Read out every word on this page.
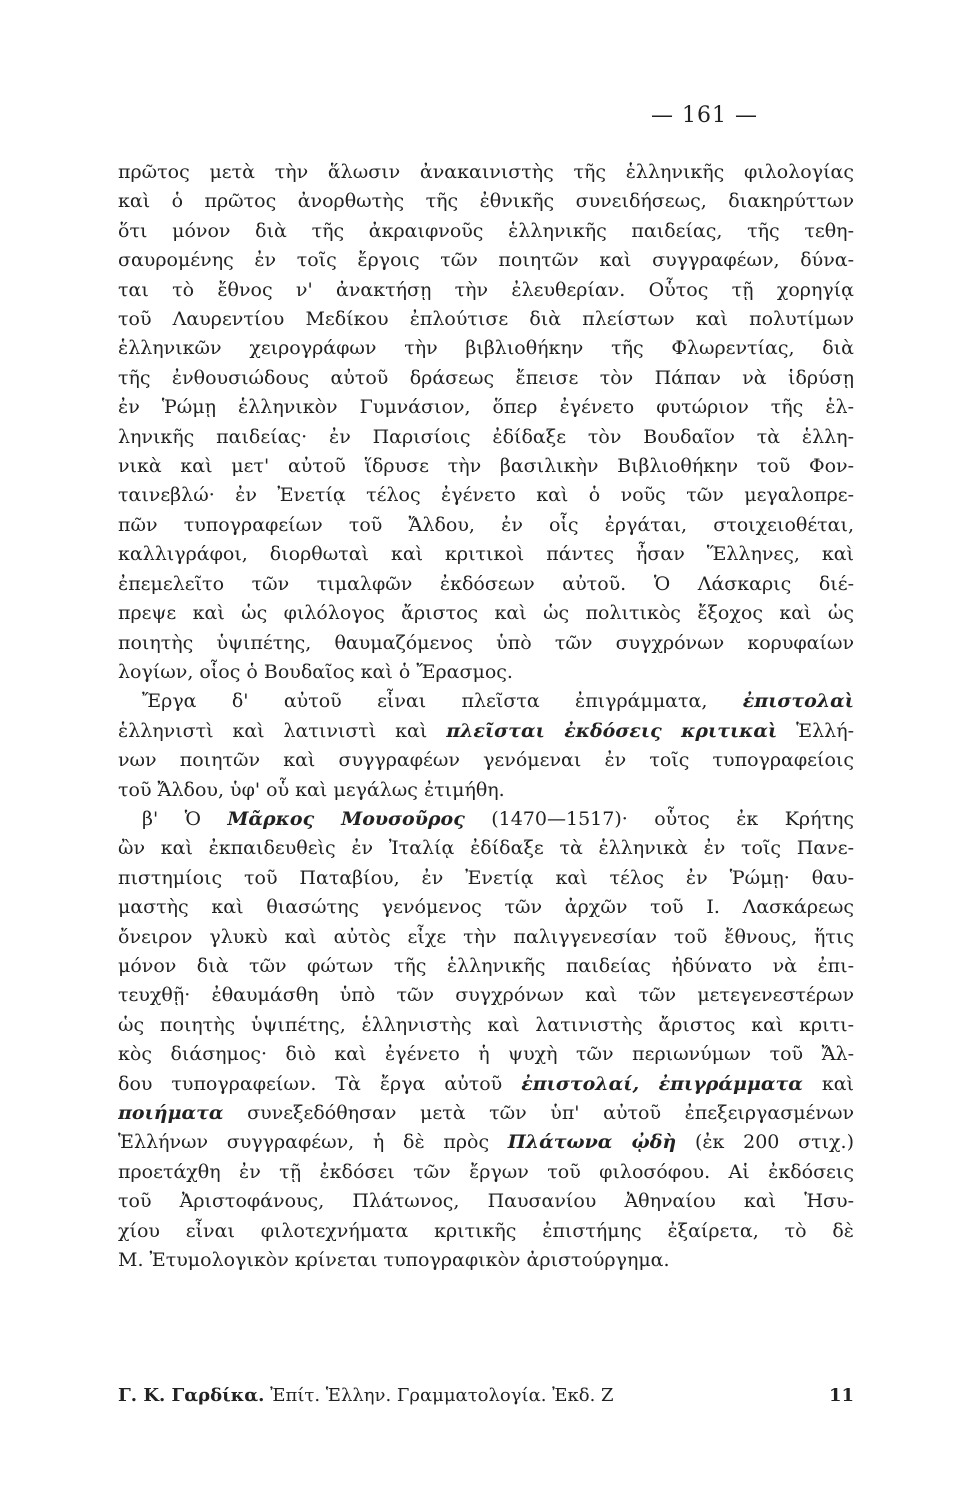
— 161 —
πρῶτος μετὰ τὴν ἅλωσιν ἀνακαινιστὴς τῆς ἑλληνικῆς φιλολογίας
καὶ ὁ πρῶτος ἀνορθωτὴς τῆς ἐθνικῆς συνειδήσεως, διακηρύττων
ὅτι μόνον διὰ τῆς ἀκραιφνοῦς ἑλληνικῆς παιδείας, τῆς τεθη-
σαυρομένης ἐν τοῖς ἔργοις τῶν ποιητῶν καὶ συγγραφέων, δύνα-
ται τὸ ἔθνος ν' ἀνακτήσῃ τὴν ἐλευθερίαν. Οὗτος τῇ χορηγίᾳ
τοῦ Λαυρεντίου Μεδίκου ἐπλούτισε διὰ πλείστων καὶ πολυτίμων
ἑλληνικῶν χειρογράφων τὴν βιβλιοθήκην τῆς Φλωρεντίας, διὰ
τῆς ἐνθουσιώδους αὐτοῦ δράσεως ἔπεισε τὸν Πάπαν νὰ ἱδρύσῃ
ἐν Ῥώμῃ ἑλληνικὸν Γυμνάσιον, ὅπερ ἐγένετο φυτώριον τῆς ἑλ-
ληνικῆς παιδείας· ἐν Παρισίοις ἐδίδαξε τὸν Βουδαῖον τὰ ἑλλη-
νικὰ καὶ μετ' αὐτοῦ ἵδρυσε τὴν βασιλικὴν Βιβλιοθήκην τοῦ Φον-
ταινεβλώ· ἐν Ἐνετίᾳ τέλος ἐγένετο καὶ ὁ νοῦς τῶν μεγαλοπρε-
πῶν τυπογραφείων τοῦ Ἄλδου, ἐν οἷς ἐργάται, στοιχειοθέται,
καλλιγράφοι, διορθωταὶ καὶ κριτικοὶ πάντες ἦσαν Ἕλληνες, καὶ
ἐπεμελεῖτο τῶν τιμαλφῶν ἐκδόσεων αὐτοῦ. Ὁ Λάσκαρις διέ-
πρεψε καὶ ὡς φιλόλογος ἄριστος καὶ ὡς πολιτικὸς ἔξοχος καὶ ὡς
ποιητὴς ὑψιπέτης, θαυμαζόμενος ὑπὸ τῶν συγχρόνων κορυφαίων
λογίων, οἷος ὁ Βουδαῖος καὶ ὁ Ἔρασμος.
Ἔργα δ' αὐτοῦ εἶναι πλεῖστα ἐπιγράμματα, ἐπιστολαὶ
ἑλληνιστὶ καὶ λατινιστὶ καὶ πλεῖσται ἐκδόσεις κριτικαὶ Ἑλλή-
νων ποιητῶν καὶ συγγραφέων γενόμεναι ἐν τοῖς τυπογραφείοις
τοῦ Ἄλδου, ὑφ' οὗ καὶ μεγάλως ἐτιμήθη.
β' Ὁ Μᾶρκος Μουσοῦρος (1470—1517)· οὗτος ἐκ Κρήτης
ὢν καὶ ἐκπαιδευθεὶς ἐν Ἰταλίᾳ ἐδίδαξε τὰ ἑλληνικὰ ἐν τοῖς Πανε-
πιστημίοις τοῦ Παταβίου, ἐν Ἐνετίᾳ καὶ τέλος ἐν Ῥώμῃ· θαυ-
μαστὴς καὶ θιασώτης γενόμενος τῶν ἀρχῶν τοῦ Ι. Λασκάρεως
ὄνειρον γλυκὺ καὶ αὐτὸς εἶχε τὴν παλιγγενεσίαν τοῦ ἔθνους, ἥτις
μόνον διὰ τῶν φώτων τῆς ἑλληνικῆς παιδείας ἠδύνατο νὰ ἐπι-
τευχθῇ· ἐθαυμάσθη ὑπὸ τῶν συγχρόνων καὶ τῶν μετεγενεστέρων
ὡς ποιητὴς ὑψιπέτης, ἑλληνιστὴς καὶ λατινιστὴς ἄριστος καὶ κριτι-
κὸς διάσημος· διὸ καὶ ἐγένετο ἡ ψυχὴ τῶν περιωνύμων τοῦ Ἄλ-
δου τυπογραφείων. Τὰ ἔργα αὐτοῦ ἐπιστολαί, ἐπιγράμματα καὶ
ποιήματα συνεξεδόθησαν μετὰ τῶν ὑπ' αὐτοῦ ἐπεξειργασμένων
Ἑλλήνων συγγραφέων, ἡ δὲ πρὸς Πλάτωνα ᾠδὴ (ἐκ 200 στιχ.)
προετάχθη ἐν τῇ ἐκδόσει τῶν ἔργων τοῦ φιλοσόφου. Αἱ ἐκδόσεις
τοῦ Ἀριστοφάνους, Πλάτωνος, Παυσανίου Ἀθηναίου καὶ Ἡσυ-
χίου εἶναι φιλοτεχνήματα κριτικῆς ἐπιστήμης ἐξαίρετα, τὸ δὲ
Μ. Ἐτυμολογικὸν κρίνεται τυπογραφικὸν ἀριστούργημα.
Γ. Κ. Γαρδίκα. Ἐπίτ. Ἑλλην. Γραμματολογία. Ἐκδ. Ζ	11
